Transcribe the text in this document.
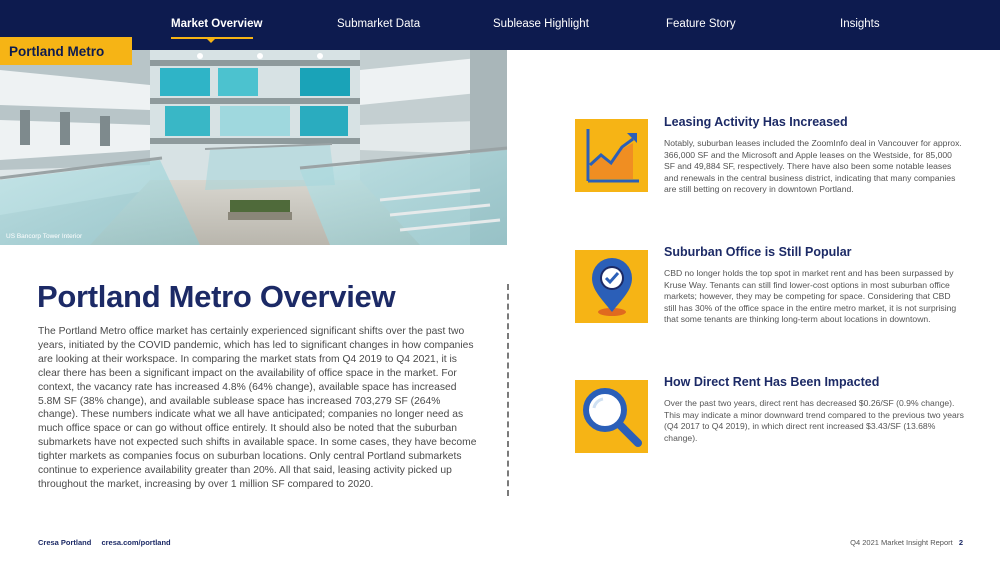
Market Overview	Submarket Data	Sublease Highlight	Feature Story	Insights
Portland Metro
US Bancorp Tower Interior
Portland Metro Overview

The Portland Metro office market has certainly experienced significant shifts over the past two years, initiated by the COVID pandemic, which has led to significant changes in how companies are looking at their workspace. In comparing the market stats from Q4 2019 to Q4 2021, it is clear there has been a significant impact on the availability of office space in the market. For context, the vacancy rate has increased 4.8% (64% change), available space has increased 5.8M SF (38% change), and available sublease space has increased 703,279 SF (264% change). These numbers indicate what we all have anticipated; companies no longer need as much office space or can go without office entirely. It should also be noted that the suburban submarkets have not expected such shifts in available space. In some cases, they have become tighter markets as companies focus on suburban locations. Only central Portland submarkets continue to experience availability greater than 20%. All that said, leasing activity picked up throughout the market, increasing by over 1 million SF compared to 2020.

Leasing Activity Has Increased

Notably, suburban leases included the ZoomInfo deal in Vancouver for approx. 366,000 SF and the Microsoft and Apple leases on the Westside, for 85,000 SF and 49,884 SF, respectively. There have also been some notable leases and renewals in the central business district, indicating that many companies are still betting on recovery in downtown Portland.

Suburban Office is Still Popular

CBD no longer holds the top spot in market rent and has been surpassed by Kruse Way. Tenants can still find lower-cost options in most suburban office markets; however, they may be competing for space. Considering that CBD still has 30% of the office space in the entire metro market, it is not surprising that some tenants are thinking long-term about locations in downtown.

How Direct Rent Has Been Impacted

Over the past two years, direct rent has decreased $0.26/SF (0.9% change). This may indicate a minor downward trend compared to the previous two years (Q4 2017 to Q4 2019), in which direct rent increased $3.43/SF (13.68% change).

Cresa Portland cresa.com/portland	Q4 2021 Market Insight Report 2
